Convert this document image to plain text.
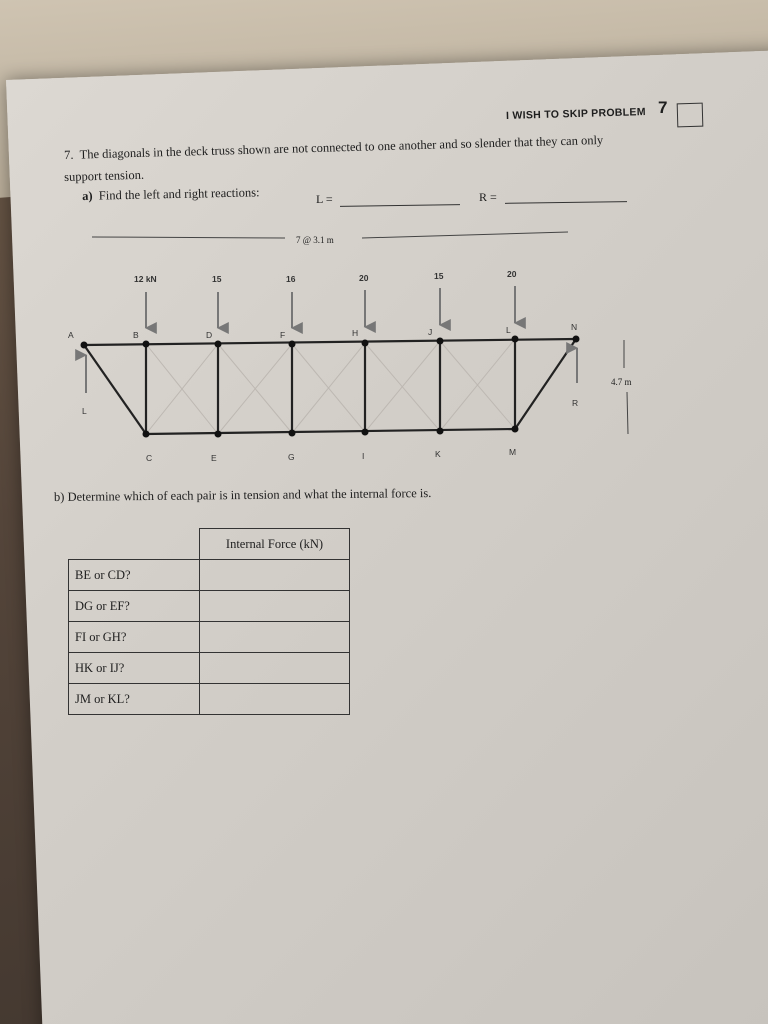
I WISH TO SKIP PROBLEM 7
7. The diagonals in the deck truss shown are not connected to one another and so slender that they can only
support tension.
a) Find the left and right reactions:	L =	R =
7 @ 3.1 m
4.7 m
12 kN	15	16	20	15	20
A	B	D	F	H	J	L	N
C	E	G	I	K	M
L
R
b) Determine which of each pair is in tension and what the internal force is.
	Internal Force (kN)
BE or CD?	
DG or EF?	
FI or GH?	
HK or IJ?	
JM or KL?	
